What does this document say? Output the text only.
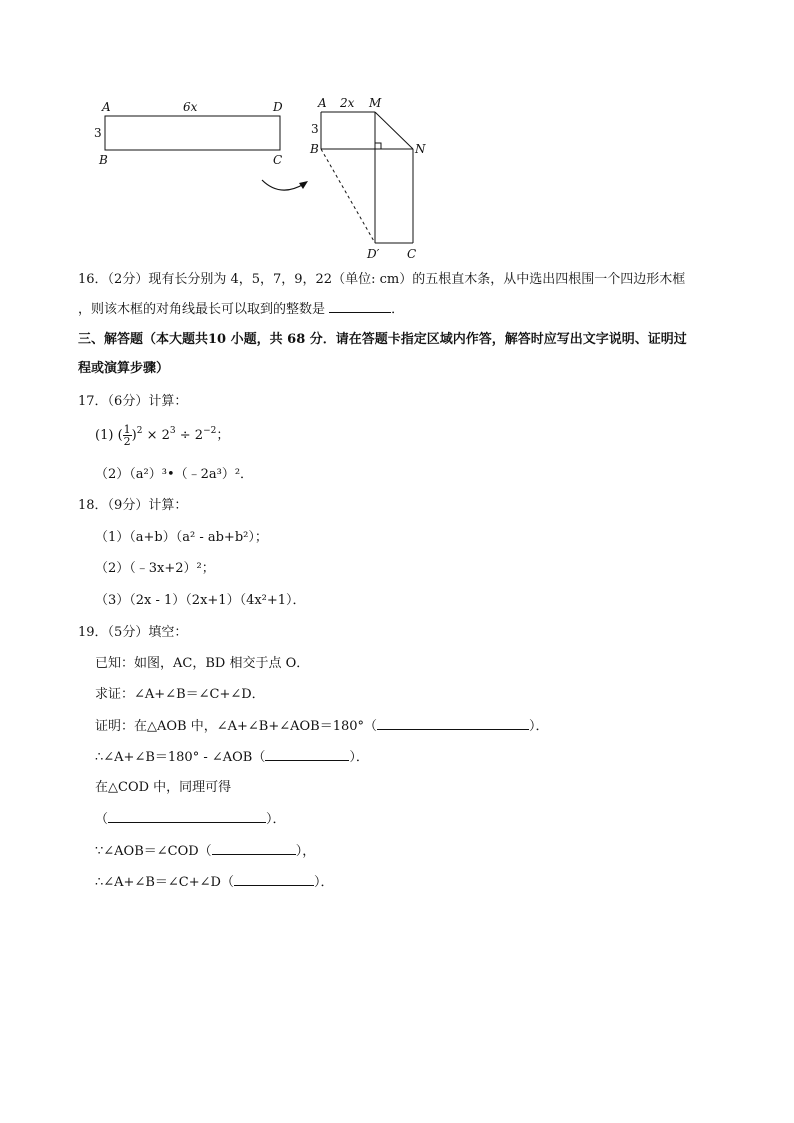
A	D
B	C
6x
3
A	M
2x
3
B	N
D′ C
16．（2分）现有长分别为 4，5，7，9，22（单位: cm）的五根直木条，从中选出四根围一个四边形木框
，则该木框的对角线最长可以取到的整数是	．
三、解答题（本大题共10 小题，共 68 分．请在答题卡指定区域内作答，解答时应写出文字说明、证明过
程或演算步骤）
17．（6分）计算：
(1) ( $\frac{1}{2} )^2 \times 2^3 \div 2^{-2}$；
（2）（a²）³•（﹣2a³）²．
18．（9分）计算：
（1）（a+b）（a² - ab+b²）；
（2）（﹣3x+2）²；
（3）（2x - 1）（2x+1）（4x²+1）．
19．（5分）填空：
已知：如图，AC，BD 相交于点 O．
求证：∠A+∠B＝∠C+∠D．
证明：在△AOB 中，∠A+∠B+∠AOB＝180°（	）．
∴∠A+∠B＝180° - ∠AOB（	）．
在△COD 中，同理可得
（	）．
∵∠AOB＝∠COD（	），
∴∠A+∠B＝∠C+∠D（	）．
